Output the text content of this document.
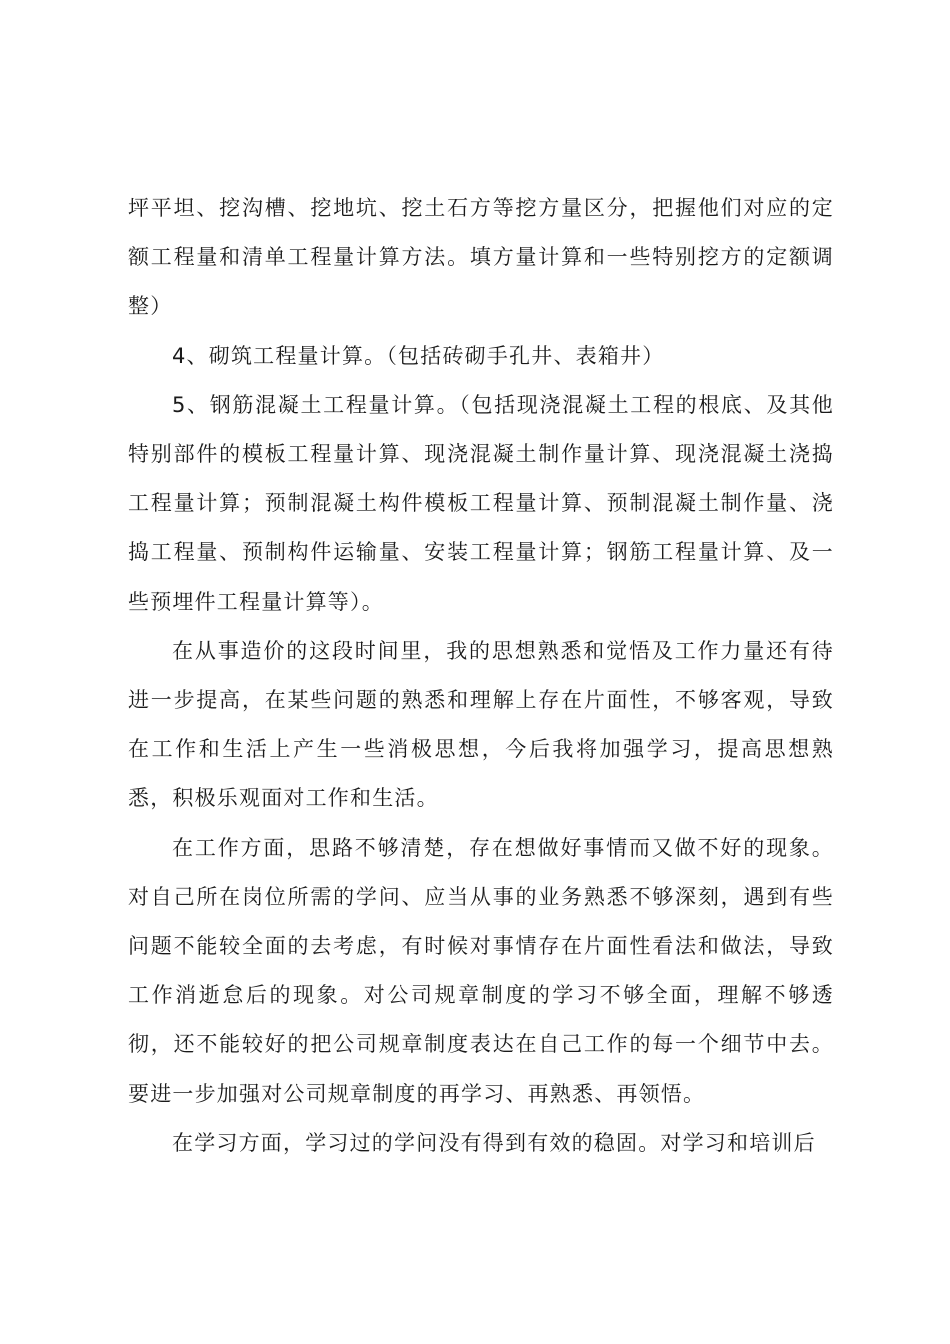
坪平坦、挖沟槽、挖地坑、挖土石方等挖方量区分，把握他们对应的定额工程量和清单工程量计算方法。填方量计算和一些特别挖方的定额调整）

4、砌筑工程量计算。（包括砖砌手孔井、表箱井）

5、钢筋混凝土工程量计算。（包括现浇混凝土工程的根底、及其他特别部件的模板工程量计算、现浇混凝土制作量计算、现浇混凝土浇捣工程量计算；预制混凝土构件模板工程量计算、预制混凝土制作量、浇捣工程量、预制构件运输量、安装工程量计算；钢筋工程量计算、及一些预埋件工程量计算等）。

在从事造价的这段时间里，我的思想熟悉和觉悟及工作力量还有待进一步提高，在某些问题的熟悉和理解上存在片面性，不够客观，导致在工作和生活上产生一些消极思想，今后我将加强学习，提高思想熟悉，积极乐观面对工作和生活。

在工作方面，思路不够清楚，存在想做好事情而又做不好的现象。对自己所在岗位所需的学问、应当从事的业务熟悉不够深刻，遇到有些问题不能较全面的去考虑，有时候对事情存在片面性看法和做法，导致工作消逝怠后的现象。对公司规章制度的学习不够全面，理解不够透彻，还不能较好的把公司规章制度表达在自己工作的每一个细节中去。要进一步加强对公司规章制度的再学习、再熟悉、再领悟。

在学习方面，学习过的学问没有得到有效的稳固。对学习和培训后
